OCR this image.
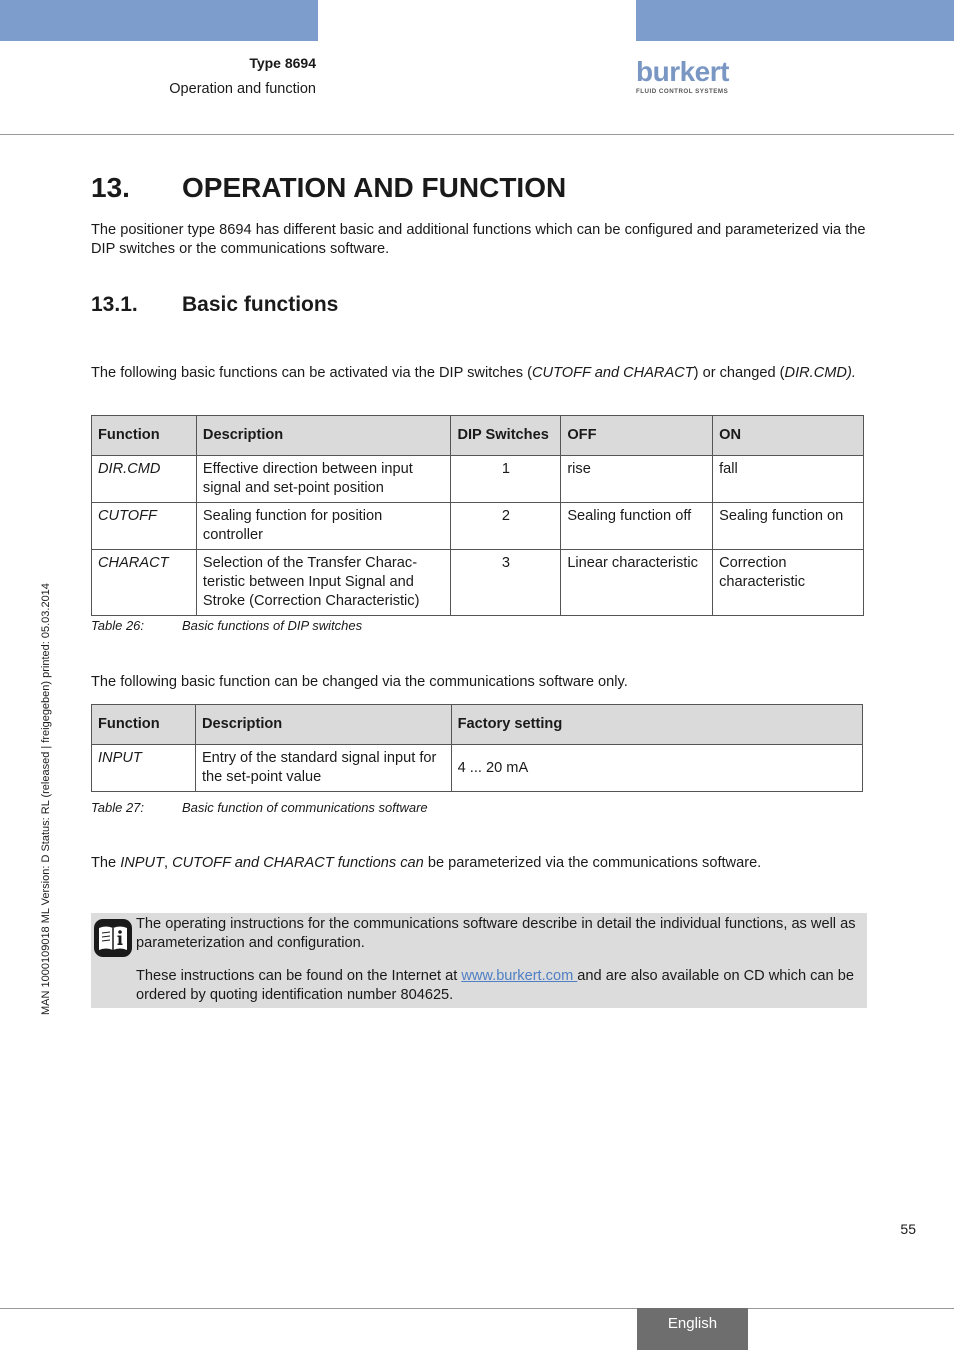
Type 8694
Operation and function
burkert
FLUID CONTROL SYSTEMS
13. OPERATION AND FUNCTION
The positioner type 8694 has different basic and additional functions which can be configured and parameterized via the DIP switches or the communications software.
13.1. Basic functions
The following basic functions can be activated via the DIP switches (CUTOFF and CHARACT) or changed (DIR.CMD).
Function	Description	DIP Switches	OFF	ON
DIR.CMD	Effective direction between input signal and set-point position	1	rise	fall
CUTOFF	Sealing function for position controller	2	Sealing function off	Sealing function on
CHARACT	Selection of the Transfer Charac-teristic between Input Signal and Stroke (Correction Characteristic)	3	Linear characteristic	Correction characteristic
Table 26:	Basic functions of DIP switches
The following basic function can be changed via the communications software only.
Function	Description	Factory setting
INPUT	Entry of the standard signal input for the set-point value	4 ... 20 mA
Table 27:	Basic function of communications software
The INPUT, CUTOFF and CHARACT functions can be parameterized via the communications software.

The operating instructions for the communications software describe in detail the individual functions, as well as parameterization and configuration.

These instructions can be found on the Internet at www.burkert.com and are also available on CD which can be ordered by quoting identification number 804625.

MAN 1000109018 ML Version: D Status: RL (released | freigegeben) printed: 05.03.2014
55
English
